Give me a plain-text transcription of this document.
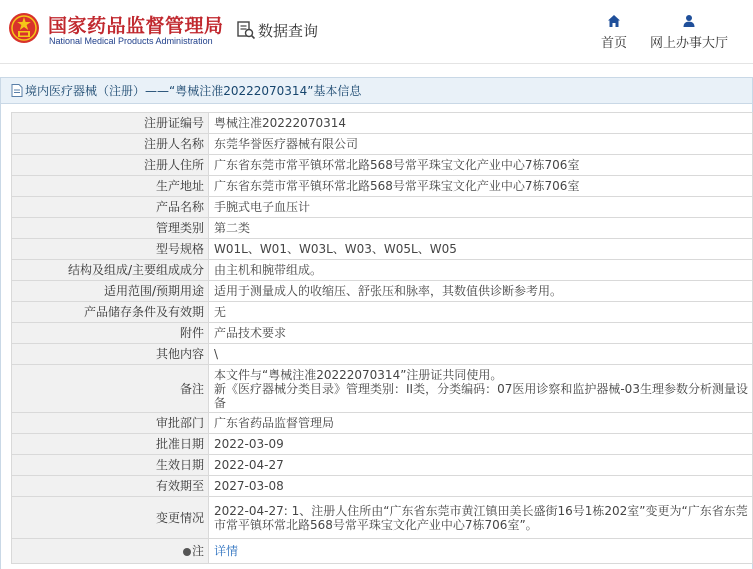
国家药品监督管理局
National Medical Products Administration
数据查询
首页 网上办事大厅
境内医疗器械（注册）——“粤械注准20222070314”基本信息
注册证编号	粤械注准20222070314
注册人名称	东莞华誉医疗器械有限公司
注册人住所	广东省东莞市常平镇环常北路568号常平珠宝文化产业中心7栋706室
生产地址	广东省东莞市常平镇环常北路568号常平珠宝文化产业中心7栋706室
产品名称	手腕式电子血压计
管理类别	第二类
型号规格	W01L、W01、W03L、W03、W05L、W05
结构及组成/主要组成成分	由主机和腕带组成。
适用范围/预期用途	适用于测量成人的收缩压、舒张压和脉率，其数值供诊断参考用。
产品储存条件及有效期	无
附件	产品技术要求
其他内容	\
备注	本文件与“粤械注准20222070314”注册证共同使用。
新《医疗器械分类目录》管理类别：II类，分类编码：07医用诊察和监护器械-03生理参数分析测量设备

审批部门	广东省药品监督管理局
批准日期	2022-03-09
生效日期	2022-04-27
有效期至	2027-03-08
变更情况	2022-04-27: 1、注册人住所由“广东省东莞市黄江镇田美长盛街16号1栋202室”变更为“广东省东莞市常平镇环常北路568号常平珠宝文化产业中心7栋706室”。
注	详情
